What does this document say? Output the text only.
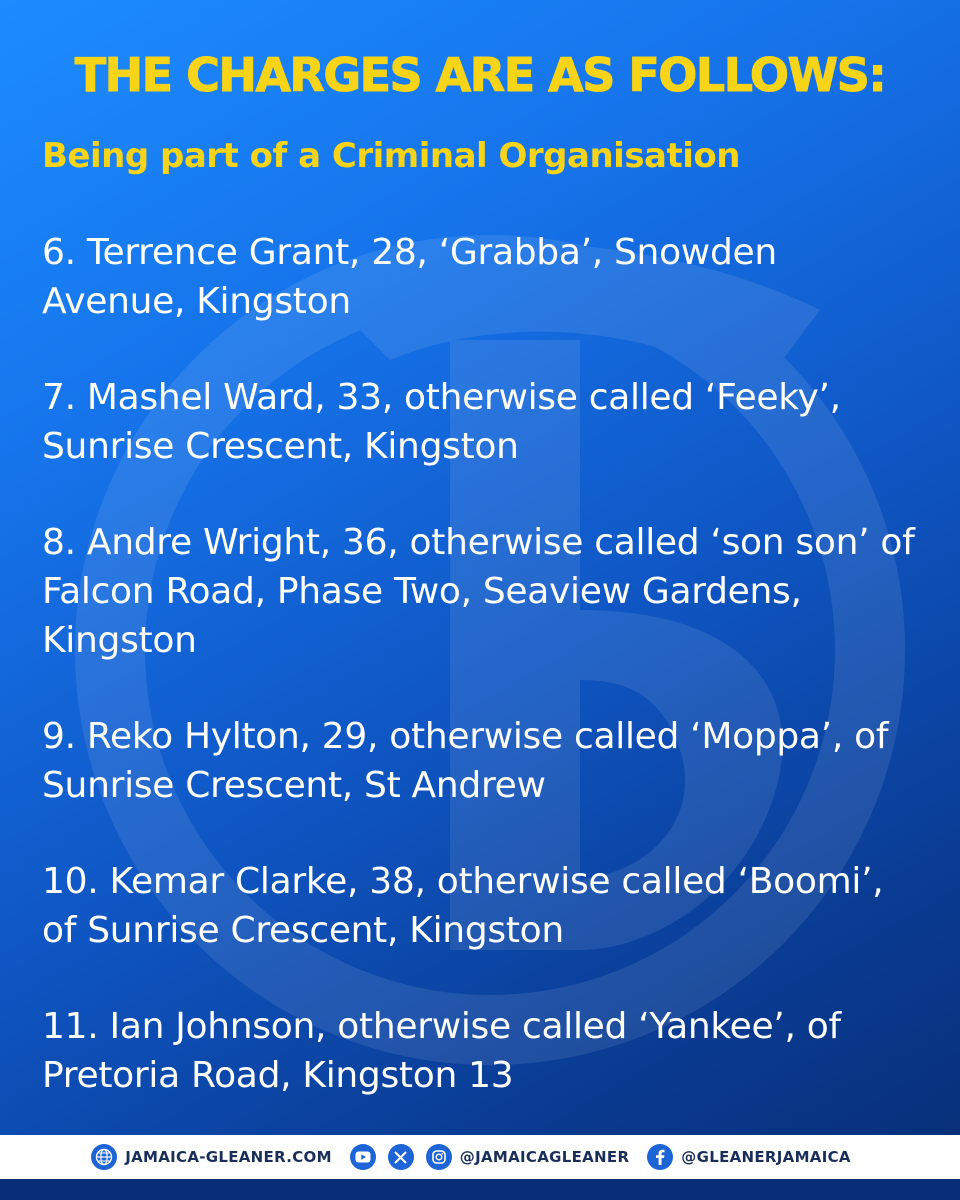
THE CHARGES ARE AS FOLLOWS:
Being part of a Criminal Organisation
6. Terrence Grant, 28, ‘Grabba’, Snowden Avenue, Kingston
7. Mashel Ward, 33, otherwise called ‘Feeky’, Sunrise Crescent, Kingston
8. Andre Wright, 36, otherwise called ‘son son’ of Falcon Road, Phase Two, Seaview Gardens, Kingston
9. Reko Hylton, 29, otherwise called ‘Moppa’, of Sunrise Crescent, St Andrew
10. Kemar Clarke, 38, otherwise called ‘Boomi’, of Sunrise Crescent, Kingston
11. Ian Johnson, otherwise called ‘Yankee’, of Pretoria Road, Kingston 13
JAMAICA-GLEANER.COM	@JAMAICAGLEANER	@GLEANERJAMAICA
